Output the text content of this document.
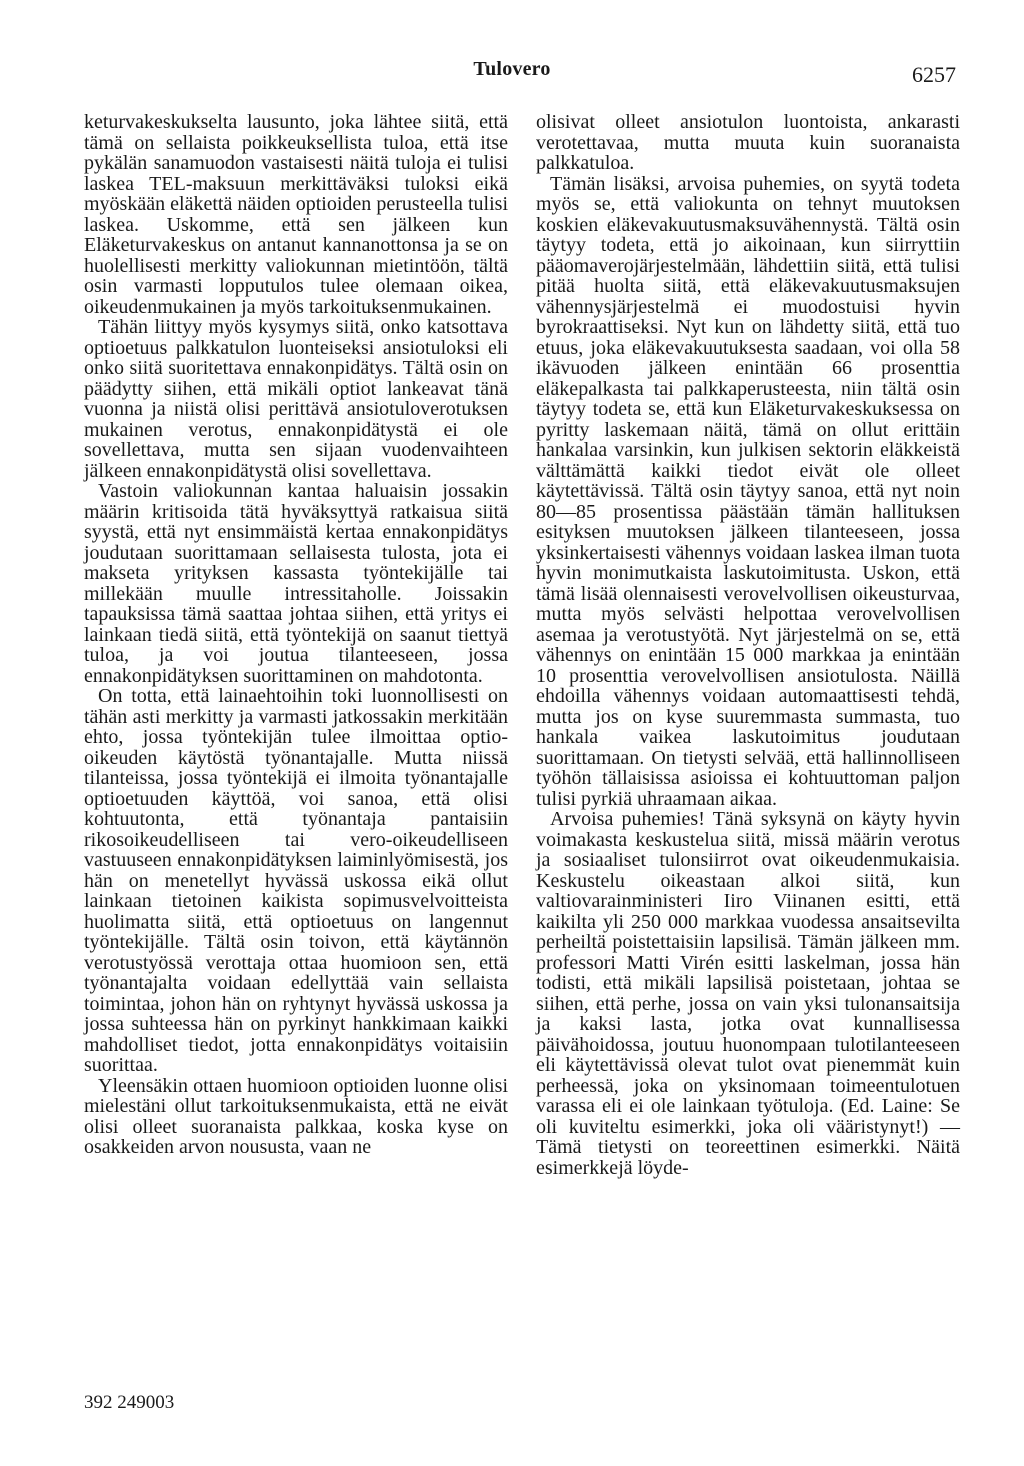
Tulovero	6257

keturvakeskukselta lausunto, joka lähtee siitä, että tämä on sellaista poikkeuksellista tuloa, että itse pykälän sanamuodon vastaisesti näitä tuloja ei tulisi laskea TEL-maksuun merkittäväksi tuloksi eikä myöskään eläkettä näiden optioiden perusteella tulisi laskea. Uskomme, että sen jälkeen kun Eläketurvakeskus on antanut kannanottonsa ja se on huolellisesti merkitty valiokunnan mietintöön, tältä osin varmasti lopputulos tulee olemaan oikea, oikeudenmukainen ja myös tarkoituksenmukainen.

Tähän liittyy myös kysymys siitä, onko katsottava optioetuus palkkatulon luonteiseksi ansiotuloksi eli onko siitä suoritettava ennakonpidätys. Tältä osin on päädytty siihen, että mikäli optiot lankeavat tänä vuonna ja niistä olisi perittävä ansiotuloverotuksen mukainen verotus, ennakonpidätystä ei ole sovellettava, mutta sen sijaan vuodenvaihteen jälkeen ennakonpidätystä olisi sovellettava.

Vastoin valiokunnan kantaa haluaisin jossakin määrin kritisoida tätä hyväksyttyä ratkaisua siitä syystä, että nyt ensimmäistä kertaa ennakonpidätys joudutaan suorittamaan sellaisesta tulosta, jota ei makseta yrityksen kassasta työntekijälle tai millekään muulle intressitaholle. Joissakin tapauksissa tämä saattaa johtaa siihen, että yritys ei lainkaan tiedä siitä, että työntekijä on saanut tiettyä tuloa, ja voi joutua tilanteeseen, jossa ennakonpidätyksen suorittaminen on mahdotonta.

On totta, että lainaehtoihin toki luonnollisesti on tähän asti merkitty ja varmasti jatkossakin merkitään ehto, jossa työntekijän tulee ilmoittaa optio-oikeuden käytöstä työnantajalle. Mutta niissä tilanteissa, jossa työntekijä ei ilmoita työnantajalle optioetuuden käyttöä, voi sanoa, että olisi kohtuutonta, että työnantaja pantaisiin rikosoikeudelliseen tai vero-oikeudelliseen vastuuseen ennakonpidätyksen laiminlyömisestä, jos hän on menetellyt hyvässä uskossa eikä ollut lainkaan tietoinen kaikista sopimusvelvoitteista huolimatta siitä, että optioetuus on langennut työntekijälle. Tältä osin toivon, että käytännön verotustyössä verottaja ottaa huomioon sen, että työnantajalta voidaan edellyttää vain sellaista toimintaa, johon hän on ryhtynyt hyvässä uskossa ja jossa suhteessa hän on pyrkinyt hankkimaan kaikki mahdolliset tiedot, jotta ennakonpidätys voitaisiin suorittaa.

Yleensäkin ottaen huomioon optioiden luonne olisi mielestäni ollut tarkoituksenmukaista, että ne eivät olisi olleet suoranaista palkkaa, koska kyse on osakkeiden arvon noususta, vaan ne

olisivat olleet ansiotulon luontoista, ankarasti verotettavaa, mutta muuta kuin suoranaista palkkatuloa.

Tämän lisäksi, arvoisa puhemies, on syytä todeta myös se, että valiokunta on tehnyt muutoksen koskien eläkevakuutusmaksuvähennystä. Tältä osin täytyy todeta, että jo aikoinaan, kun siirryttiin pääomaverojärjestelmään, lähdettiin siitä, että tulisi pitää huolta siitä, että eläkevakuutusmaksujen vähennysjärjestelmä ei muodostuisi hyvin byrokraattiseksi. Nyt kun on lähdetty siitä, että tuo etuus, joka eläkevakuutuksesta saadaan, voi olla 58 ikävuoden jälkeen enintään 66 prosenttia eläkepalkasta tai palkkaperusteesta, niin tältä osin täytyy todeta se, että kun Eläketurvakeskuksessa on pyritty laskemaan näitä, tämä on ollut erittäin hankalaa varsinkin, kun julkisen sektorin eläkkeistä välttämättä kaikki tiedot eivät ole olleet käytettävissä. Tältä osin täytyy sanoa, että nyt noin 80—85 prosentissa päästään tämän hallituksen esityksen muutoksen jälkeen tilanteeseen, jossa yksinkertaisesti vähennys voidaan laskea ilman tuota hyvin monimutkaista laskutoimitusta. Uskon, että tämä lisää olennaisesti verovelvollisen oikeusturvaa, mutta myös selvästi helpottaa verovelvollisen asemaa ja verotustyötä. Nyt järjestelmä on se, että vähennys on enintään 15 000 markkaa ja enintään 10 prosenttia verovelvollisen ansiotulosta. Näillä ehdoilla vähennys voidaan automaattisesti tehdä, mutta jos on kyse suuremmasta summasta, tuo hankala vaikea laskutoimitus joudutaan suorittamaan. On tietysti selvää, että hallinnolliseen työhön tällaisissa asioissa ei kohtuuttoman paljon tulisi pyrkiä uhraamaan aikaa.

Arvoisa puhemies! Tänä syksynä on käyty hyvin voimakasta keskustelua siitä, missä määrin verotus ja sosiaaliset tulonsiirrot ovat oikeudenmukaisia. Keskustelu oikeastaan alkoi siitä, kun valtiovarainministeri Iiro Viinanen esitti, että kaikilta yli 250 000 markkaa vuodessa ansaitsevilta perheiltä poistettaisiin lapsilisä. Tämän jälkeen mm. professori Matti Virén esitti laskelman, jossa hän todisti, että mikäli lapsilisä poistetaan, johtaa se siihen, että perhe, jossa on vain yksi tulonansaitsija ja kaksi lasta, jotka ovat kunnallisessa päivähoidossa, joutuu huonompaan tulotilanteeseen eli käytettävissä olevat tulot ovat pienemmät kuin perheessä, joka on yksinomaan toimeentulotuen varassa eli ei ole lainkaan työtuloja. (Ed. Laine: Se oli kuviteltu esimerkki, joka oli vääristynyt!) — Tämä tietysti on teoreettinen esimerkki. Näitä esimerkkejä löyde-

392 249003
